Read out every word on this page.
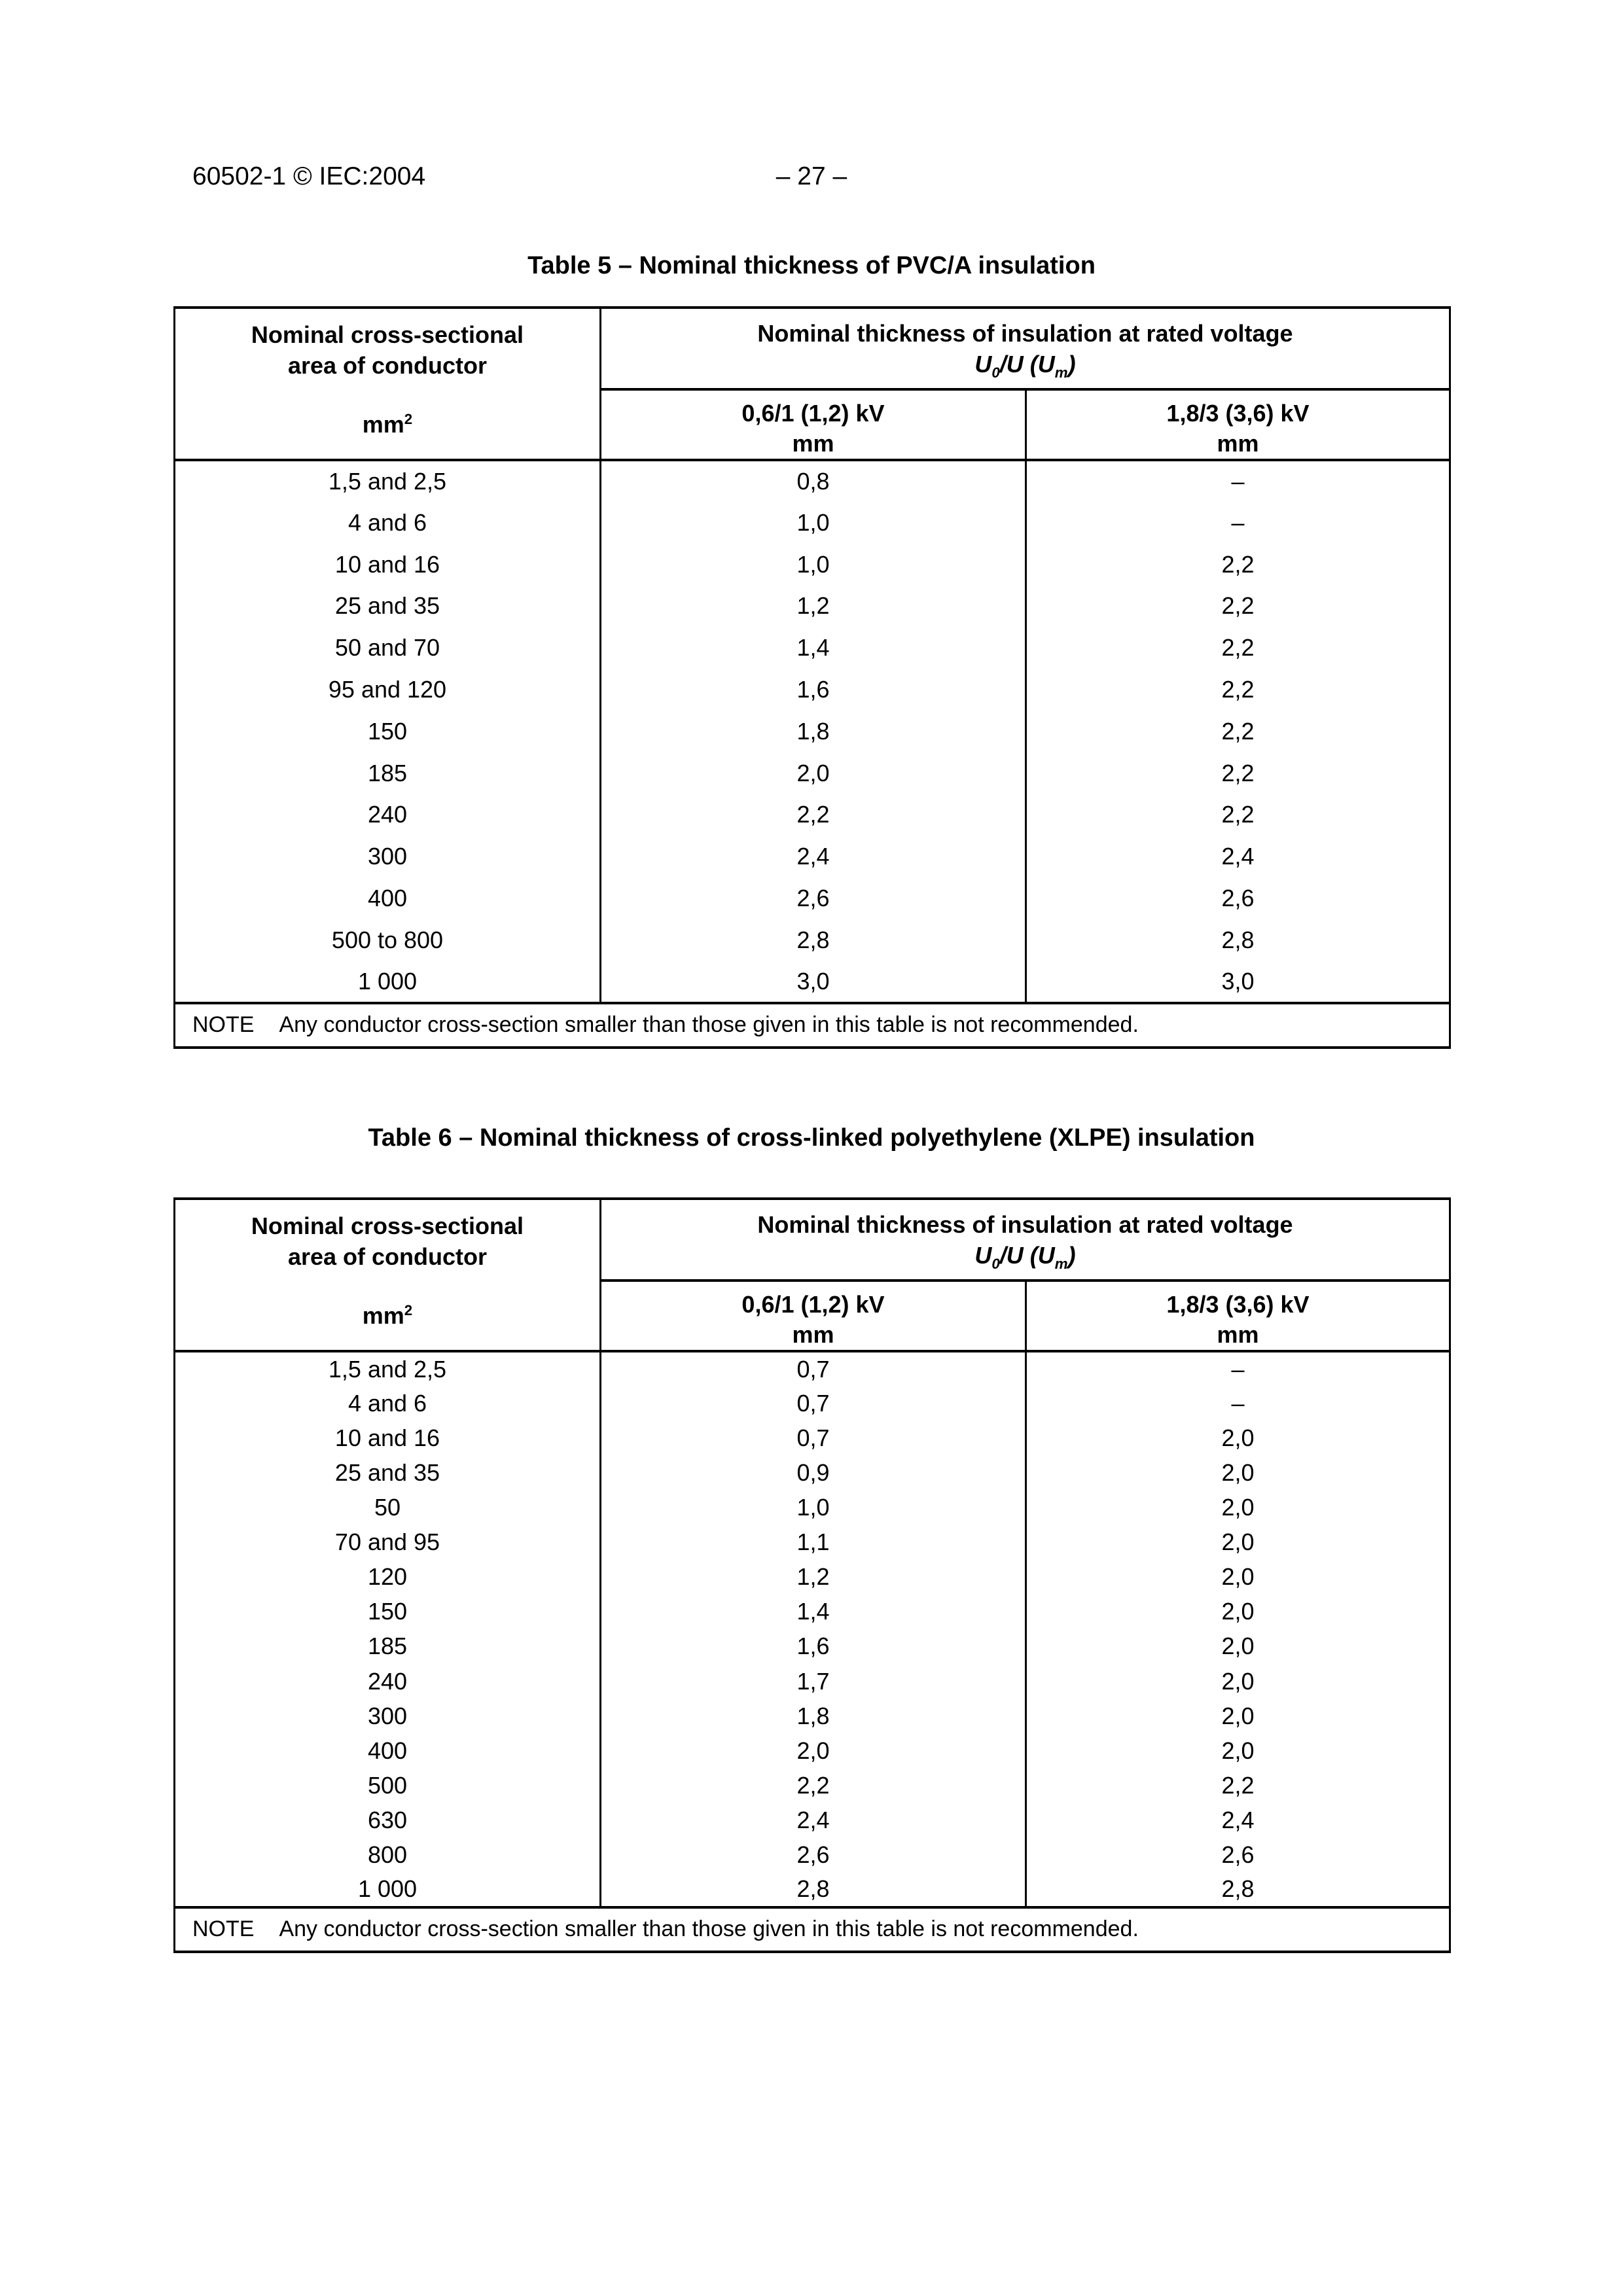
60502-1 © IEC:2004	– 27 –
Table 5 – Nominal thickness of PVC/A insulation
Nominal cross-sectional
area of conductor
$mm^2$

Nominal thickness of insulation at rated voltage
$U_0/U$ $(U_m)$

0,6/1 (1,2) kV
mm

1,8/3 (3,6) kV
mm

1,5 and 2,5	0,8	–
4 and 6	1,0	–
10 and 16	1,0	2,2
25 and 35	1,2	2,2
50 and 70	1,4	2,2
95 and 120	1,6	2,2
150	1,8	2,2
185	2,0	2,2
240	2,2	2,2
300	2,4	2,4
400	2,6	2,6
500 to 800	2,8	2,8
1 000	3,0	3,0
NOTE Any conductor cross-section smaller than those given in this table is not recommended.		
Table 6 – Nominal thickness of cross-linked polyethylene (XLPE) insulation
Nominal cross-sectional
area of conductor
$mm^2$

Nominal thickness of insulation at rated voltage
$U_0/U$ $(U_m)$

0,6/1 (1,2) kV
mm

1,8/3 (3,6) kV
mm

1,5 and 2,5	0,7	–
4 and 6	0,7	–
10 and 16	0,7	2,0
25 and 35	0,9	2,0
50	1,0	2,0
70 and 95	1,1	2,0
120	1,2	2,0
150	1,4	2,0
185	1,6	2,0
240	1,7	2,0
300	1,8	2,0
400	2,0	2,0
500	2,2	2,2
630	2,4	2,4
800	2,6	2,6
1 000	2,8	2,8
NOTE Any conductor cross-section smaller than those given in this table is not recommended.		
